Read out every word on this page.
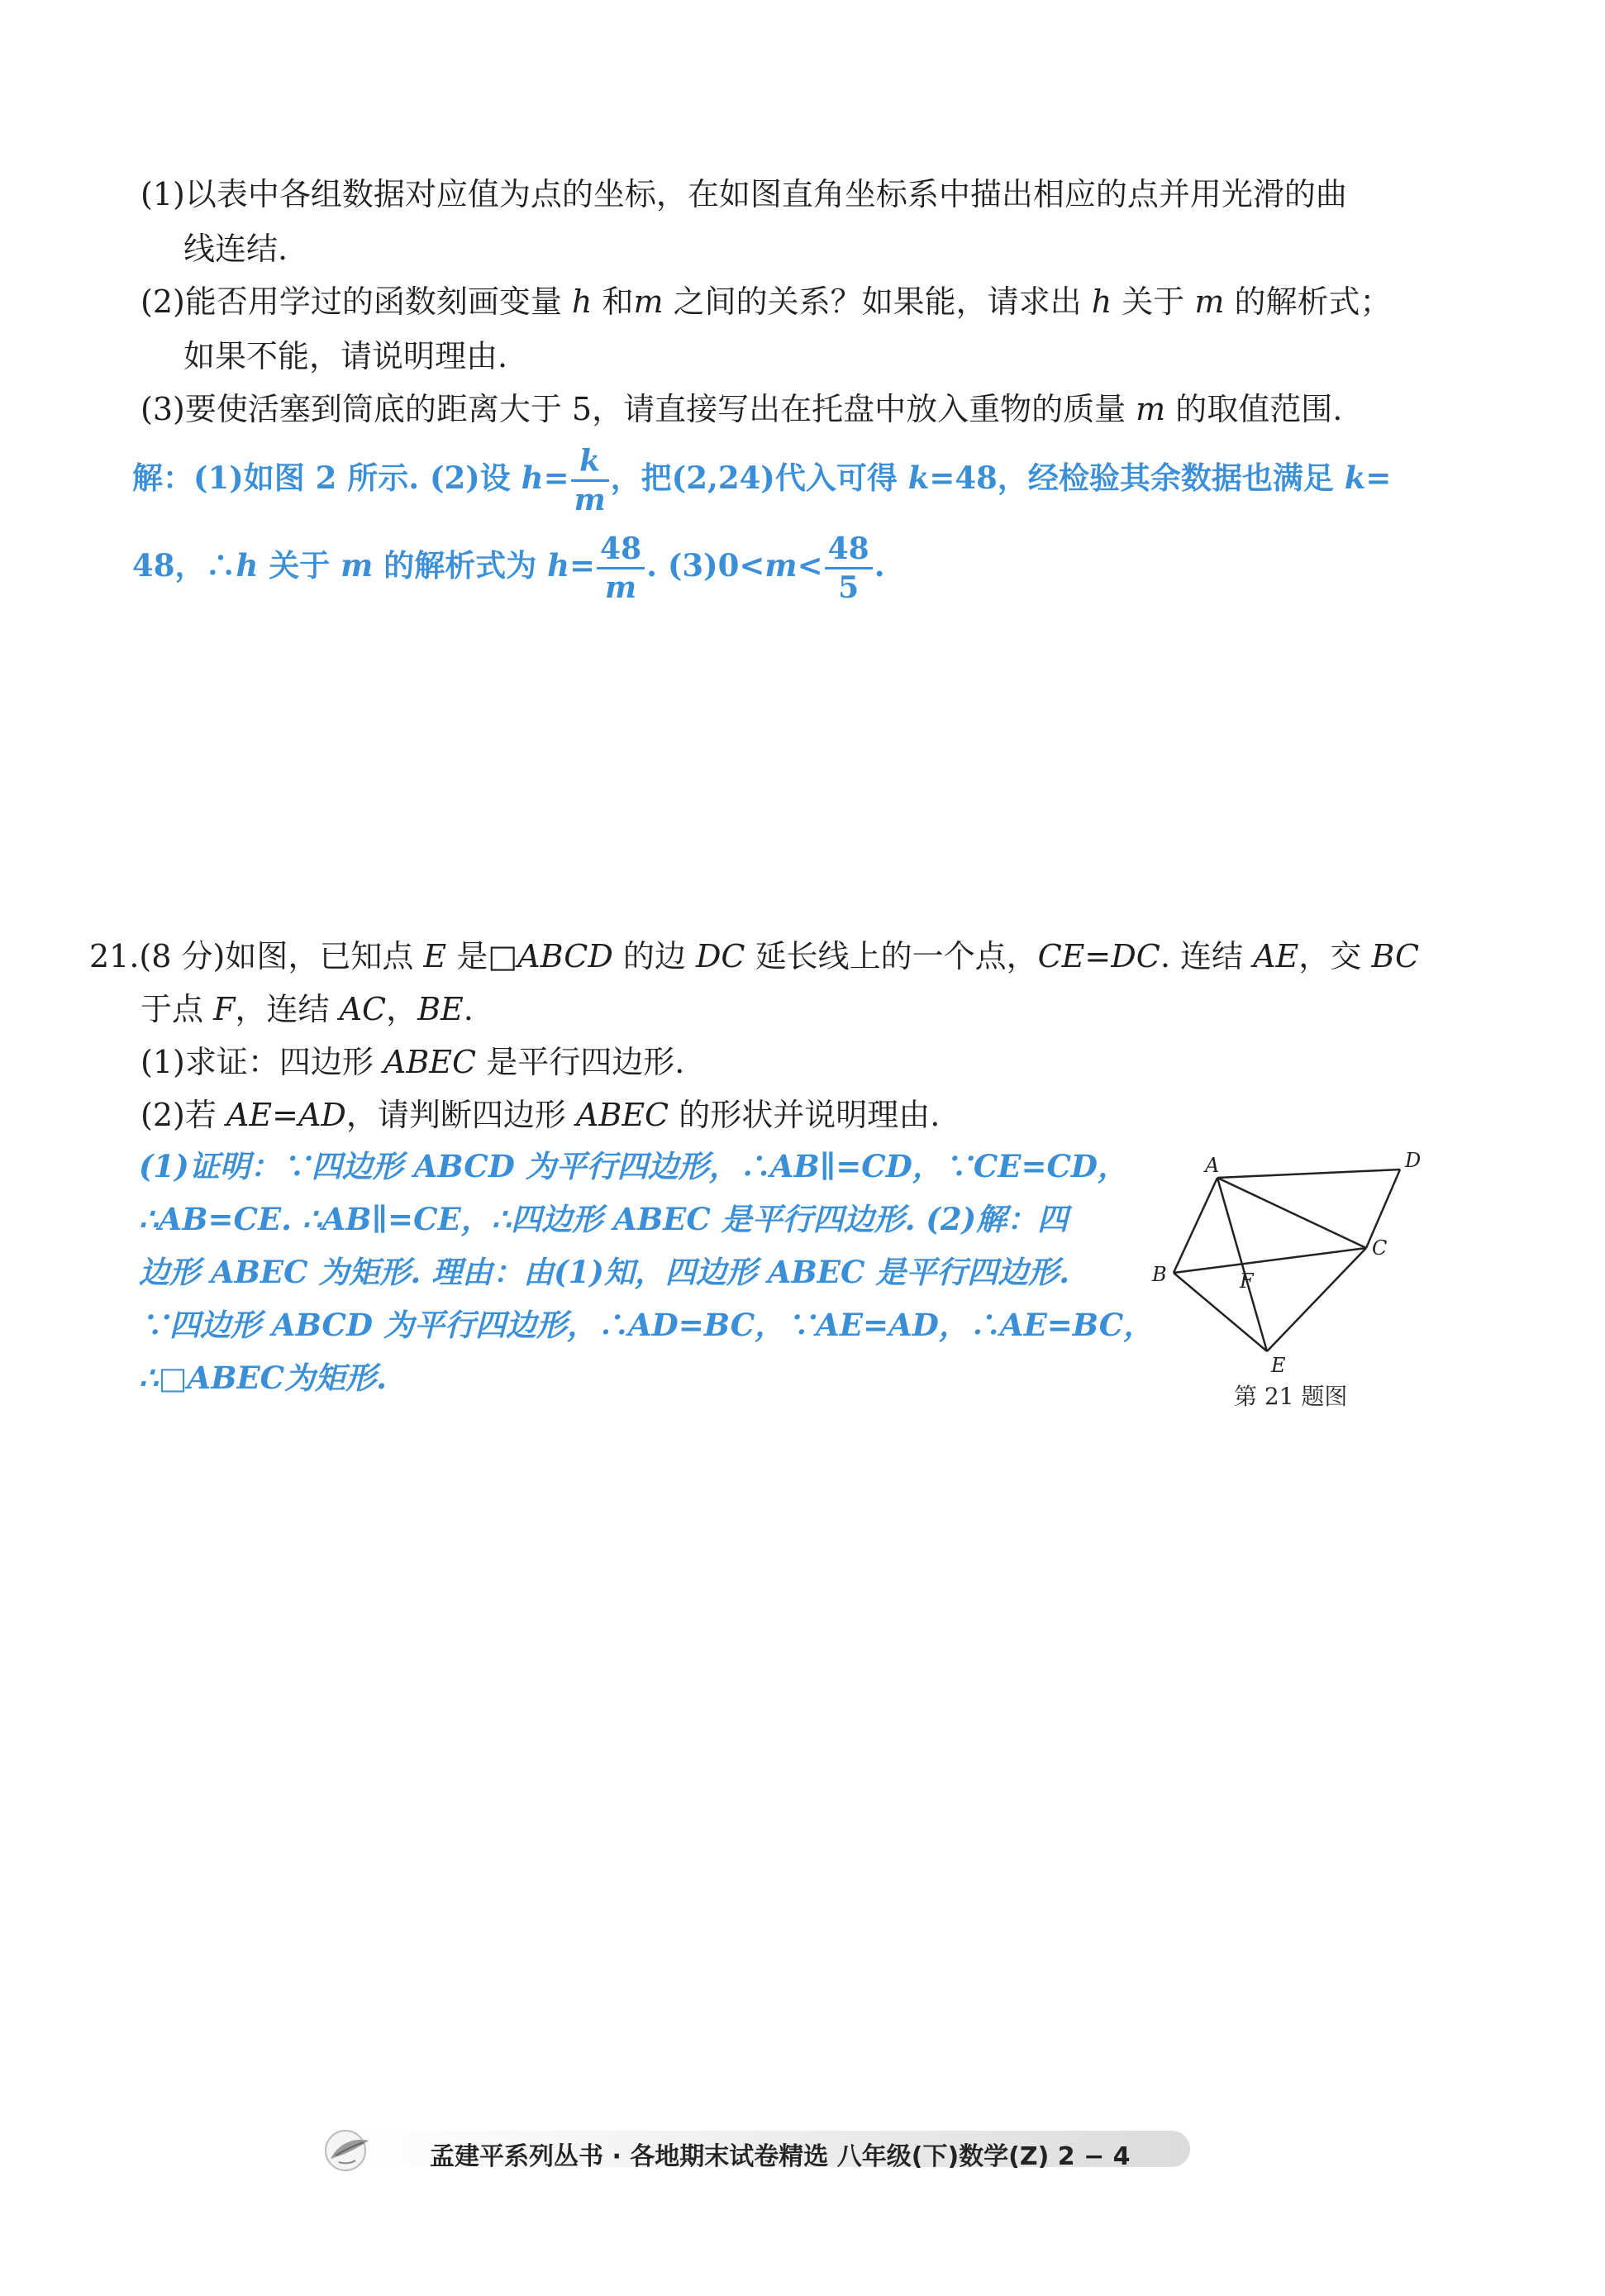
(1)以表中各组数据对应值为点的坐标，在如图直角坐标系中描出相应的点并用光滑的曲
线连结.
(2)能否用学过的函数刻画变量 h 和m 之间的关系？如果能，请求出 h 关于 m 的解析式；
如果不能，请说明理由.
(3)要使活塞到筒底的距离大于 5，请直接写出在托盘中放入重物的质量 m 的取值范围.
解：(1)如图 2 所示. (2)设 $h= \frac{k}{m}$ ，把(2,24)代入可得 k=48，经检验其余数据也满足 k=
48，∴h 关于 m 的解析式为 $h= \frac{48}{m}$ . $(3)0<m< \frac{48}{5}$ .
21.(8 分)如图，已知点 E 是□ABCD 的边 DC 延长线上的一个点，CE=DC. 连结 AE，交 BC
于点 F，连结 AC，BE.
(1)求证：四边形 ABEC 是平行四边形.
(2)若 AE=AD，请判断四边形 ABEC 的形状并说明理由.
(1)证明：∵四边形 ABCD 为平行四边形，∴AB∥=CD，∵CE=CD，
∴AB=CE. ∴AB∥=CE，∴四边形 ABEC 是平行四边形. (2)解：四
边形 ABEC 为矩形. 理由：由(1)知，四边形 ABEC 是平行四边形.
∵四边形 ABCD 为平行四边形，∴AD=BC，∵AE=AD，∴AE=BC，
∴□ABEC为矩形.
A
B
C
D
E
F
第 21 题图
孟建平系列丛书 · 各地期末试卷精选 八年级(下)数学(Z) 2 − 4
